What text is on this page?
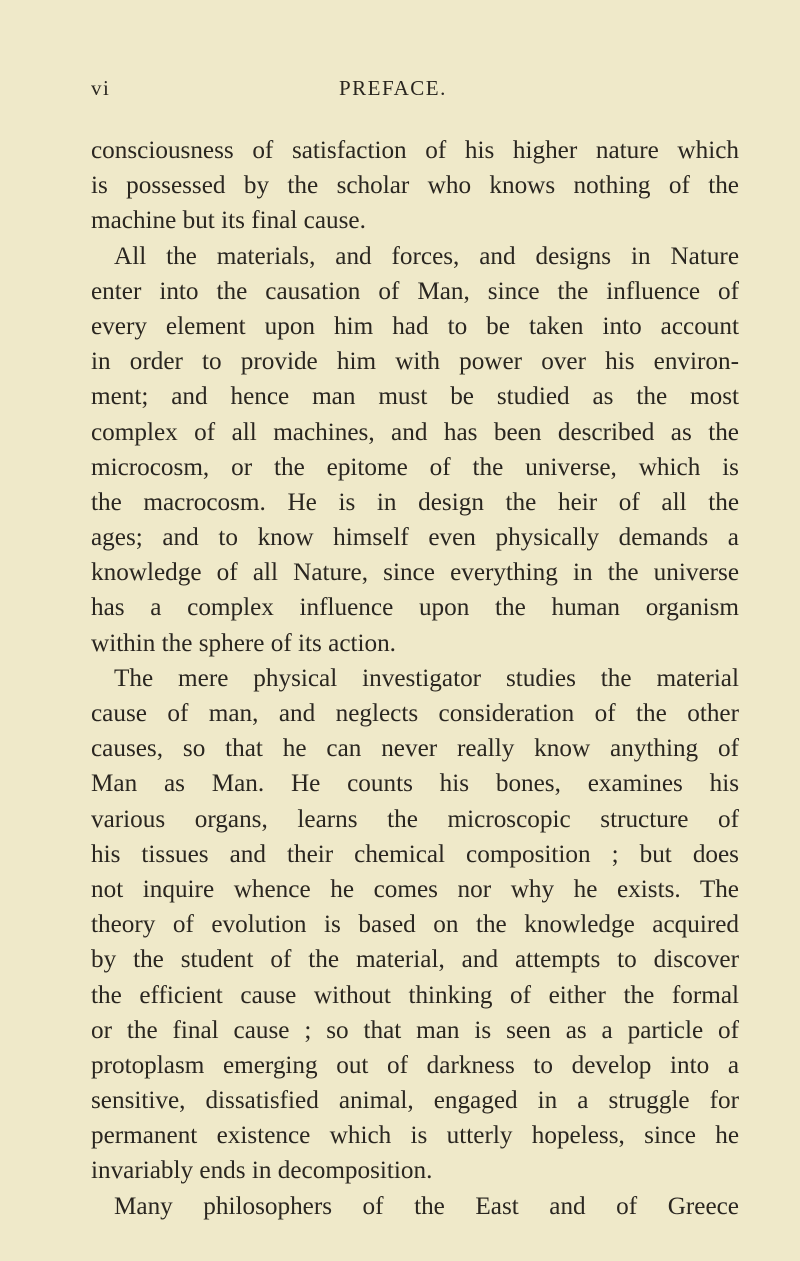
vi	PREFACE.
consciousness of satisfaction of his higher nature which
is possessed by the scholar who knows nothing of the
machine but its final cause.
All the materials, and forces, and designs in Nature
enter into the causation of Man, since the influence of
every element upon him had to be taken into account
in order to provide him with power over his environ-
ment; and hence man must be studied as the most
complex of all machines, and has been described as the
microcosm, or the epitome of the universe, which is
the macrocosm. He is in design the heir of all the
ages; and to know himself even physically demands a
knowledge of all Nature, since everything in the universe
has a complex influence upon the human organism
within the sphere of its action.
The mere physical investigator studies the material
cause of man, and neglects consideration of the other
causes, so that he can never really know anything of
Man as Man. He counts his bones, examines his
various organs, learns the microscopic structure of
his tissues and their chemical composition ; but does
not inquire whence he comes nor why he exists. The
theory of evolution is based on the knowledge acquired
by the student of the material, and attempts to discover
the efficient cause without thinking of either the formal
or the final cause ; so that man is seen as a particle of
protoplasm emerging out of darkness to develop into a
sensitive, dissatisfied animal, engaged in a struggle for
permanent existence which is utterly hopeless, since he
invariably ends in decomposition.
Many philosophers of the East and of Greece
